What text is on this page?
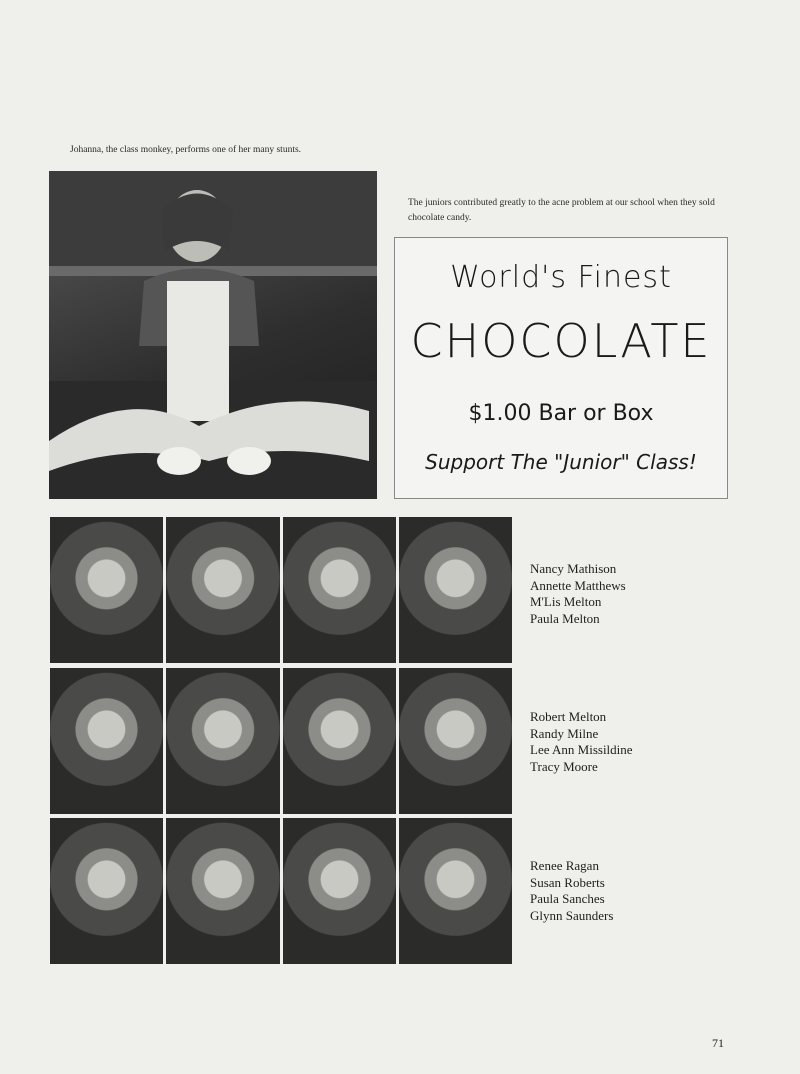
Johanna, the class monkey, performs one of her many stunts.
The juniors contributed greatly to the acne problem at our school when they sold chocolate candy.
World's Finest
CHOCOLATE
$1.00 Bar or Box
Support The "Junior" Class!
Nancy Mathison
Annette Matthews
M'Lis Melton
Paula Melton
Robert Melton
Randy Milne
Lee Ann Missildine
Tracy Moore
Renee Ragan
Susan Roberts
Paula Sanches
Glynn Saunders
71
